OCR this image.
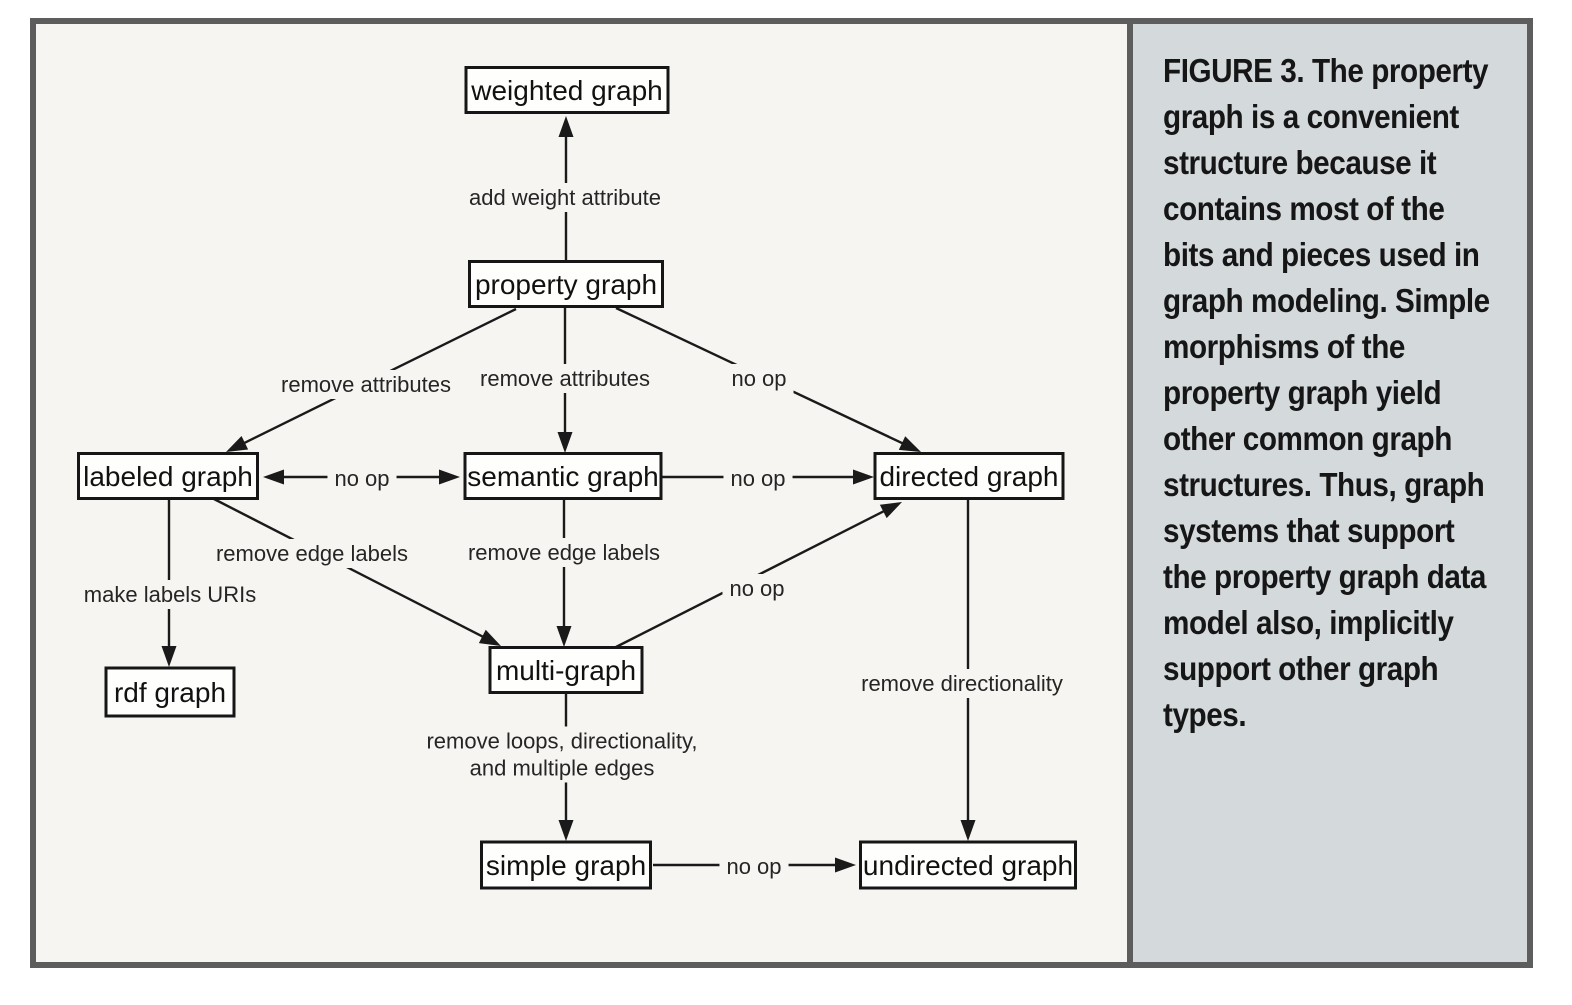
add weight attribute
remove attributes remove attributes	no op
no op	no op
make labels URIs
remove edge labels	remove edge labels
no op
remove directionality
remove loops, directionality, and multiple edges
no op
weighted graph
property graph
labeled graph	semantic graph	directed graph
rdf graph
multi-graph
simple graph	undirected graph
FIGURE 3. The property
graph is a convenient
structure because it
contains most of the
bits and pieces used in
graph modeling. Simple
morphisms of the
property graph yield
other common graph
structures. Thus, graph
systems that support
the property graph data
model also, implicitly
support other graph
types.
